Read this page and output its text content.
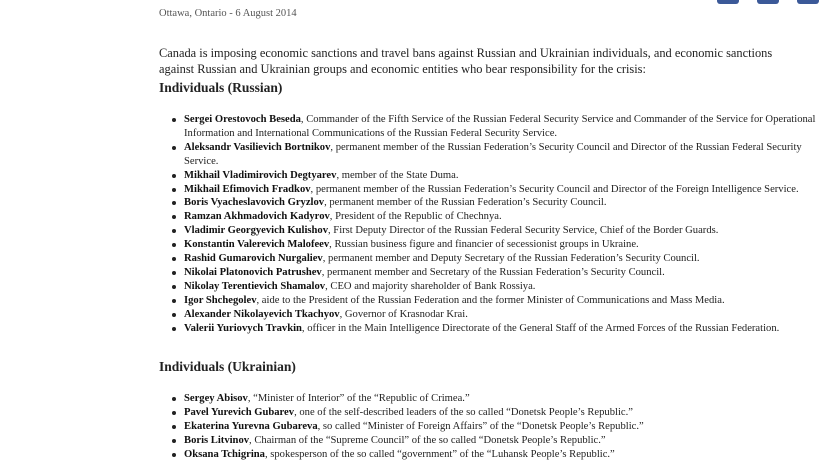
Ottawa, Ontario - 6 August 2014

Canada is imposing economic sanctions and travel bans against Russian and Ukrainian individuals, and economic sanctions against Russian and Ukrainian groups and economic entities who bear responsibility for the crisis:

Individuals (Russian)
Sergei Orestovoch Beseda, Commander of the Fifth Service of the Russian Federal Security Service and Commander of the Service for Operational Information and International Communications of the Russian Federal Security Service.
Aleksandr Vasilievich Bortnikov, permanent member of the Russian Federation’s Security Council and Director of the Russian Federal Security Service.
Mikhail Vladimirovich Degtyarev, member of the State Duma.
Mikhail Efimovich Fradkov, permanent member of the Russian Federation’s Security Council and Director of the Foreign Intelligence Service.
Boris Vyacheslavovich Gryzlov, permanent member of the Russian Federation’s Security Council.
Ramzan Akhmadovich Kadyrov, President of the Republic of Chechnya.
Vladimir Georgyevich Kulishov, First Deputy Director of the Russian Federal Security Service, Chief of the Border Guards.
Konstantin Valerevich Malofeev, Russian business figure and financier of secessionist groups in Ukraine.
Rashid Gumarovich Nurgaliev, permanent member and Deputy Secretary of the Russian Federation’s Security Council.
Nikolai Platonovich Patrushev, permanent member and Secretary of the Russian Federation’s Security Council.
Nikolay Terentievich Shamalov, CEO and majority shareholder of Bank Rossiya.
Igor Shchegolev, aide to the President of the Russian Federation and the former Minister of Communications and Mass Media.
Alexander Nikolayevich Tkachyov, Governor of Krasnodar Krai.
Valerii Yuriovych Travkin, officer in the Main Intelligence Directorate of the General Staff of the Armed Forces of the Russian Federation.
Individuals (Ukrainian)
Sergey Abisov, “Minister of Interior” of the “Republic of Crimea.”
Pavel Yurevich Gubarev, one of the self-described leaders of the so called “Donetsk People’s Republic.”
Ekaterina Yurevna Gubareva, so called “Minister of Foreign Affairs” of the “Donetsk People’s Republic.”
Boris Litvinov, Chairman of the “Supreme Council” of the so called “Donetsk People’s Republic.”
Oksana Tchigrina, spokesperson of the so called “government” of the “Luhansk People’s Republic.”
